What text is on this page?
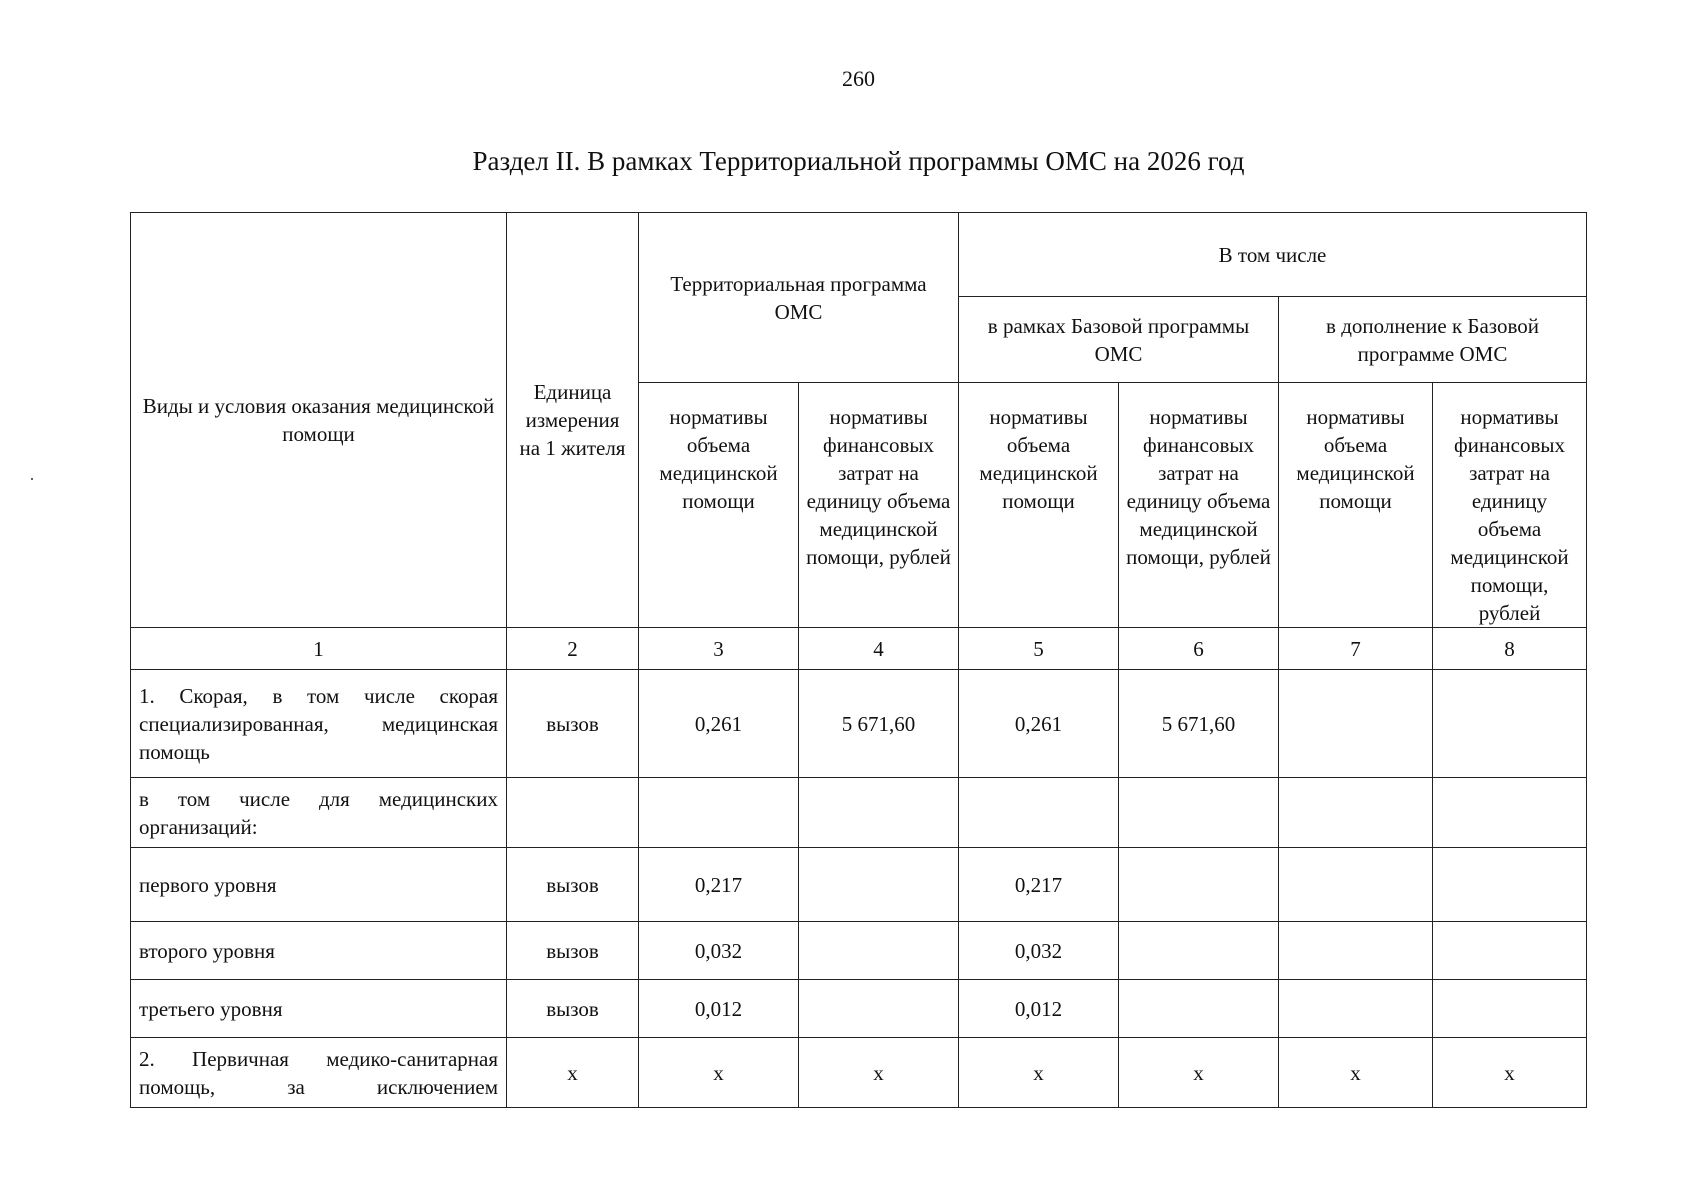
260
Раздел II. В рамках Территориальной программы ОМС на 2026 год
Виды и условия оказания медицинской помощи	Единица измерения на 1 жителя	Территориальная программа ОМС		В том числе			
				в рамках Базовой программы ОМС		в дополнение к Базовой программе ОМС	
		нормативы объема медицинской помощи	нормативы финансовых затрат на единицу объема медицинской помощи, рублей	нормативы объема медицинской помощи	нормативы финансовых затрат на единицу объема медицинской помощи, рублей	нормативы объема медицинской помощи	нормативы финансовых затрат на единицу объема медицинской помощи, рублей
1	2	3	4	5	6	7	8
1. Скорая, в том числе скорая специализированная, медицинская помощь	вызов	0,261	5 671,60	0,261	5 671,60		
в том числе для медицинских организаций:							
первого уровня	вызов	0,217		0,217			
второго уровня	вызов	0,032		0,032			
третьего уровня	вызов	0,012		0,012			
2. Первичная медико-санитарная помощь, за исключением	х	х	х	х	х	х	х
